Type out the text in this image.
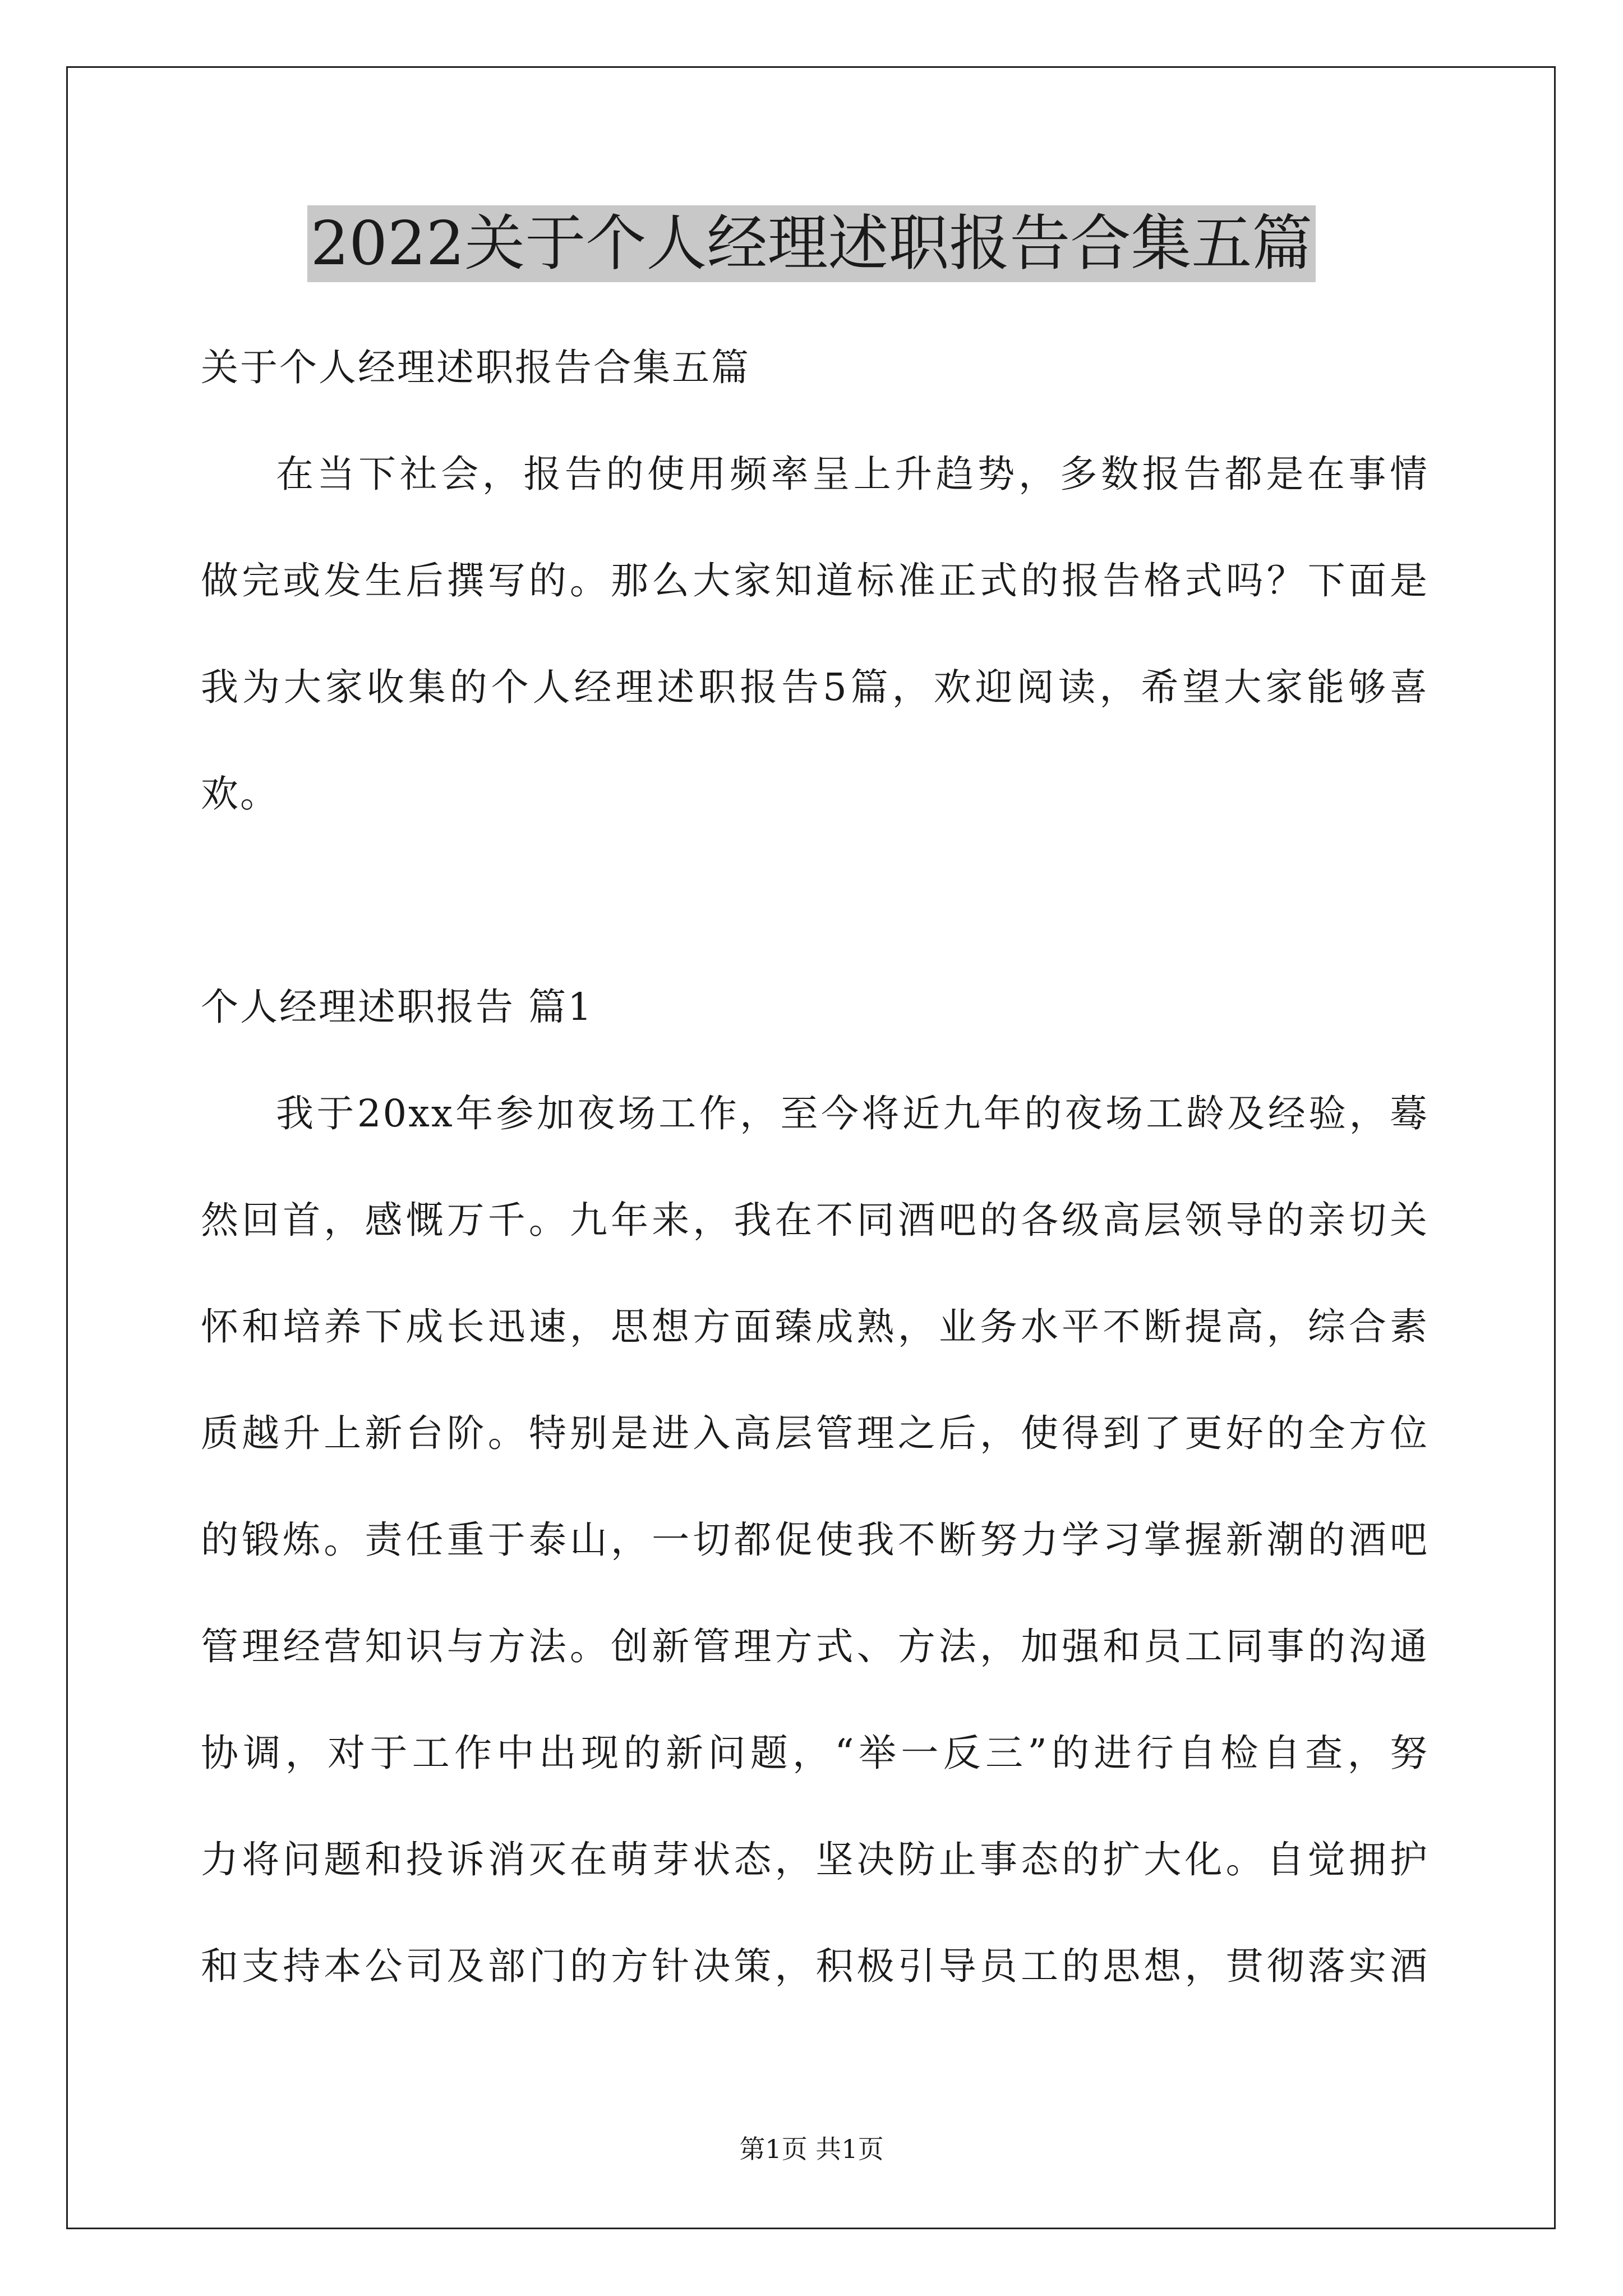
2022关于个人经理述职报告合集五篇
关于个人经理述职报告合集五篇
在当下社会，报告的使用频率呈上升趋势，多数报告都是在事情
做完或发生后撰写的。那么大家知道标准正式的报告格式吗？下面是
我为大家收集的个人经理述职报告5篇，欢迎阅读，希望大家能够喜
欢。
个人经理述职报告 篇1
我于20xx年参加夜场工作，至今将近九年的夜场工龄及经验，蓦
然回首，感慨万千。九年来，我在不同酒吧的各级高层领导的亲切关
怀和培养下成长迅速，思想方面臻成熟，业务水平不断提高，综合素
质越升上新台阶。特别是进入高层管理之后，使得到了更好的全方位
的锻炼。责任重于泰山，一切都促使我不断努力学习掌握新潮的酒吧
管理经营知识与方法。创新管理方式、方法，加强和员工同事的沟通
协调，对于工作中出现的新问题，“举一反三”的进行自检自查，努
力将问题和投诉消灭在萌芽状态，坚决防止事态的扩大化。自觉拥护
和支持本公司及部门的方针决策，积极引导员工的思想，贯彻落实酒
第1页 共1页
